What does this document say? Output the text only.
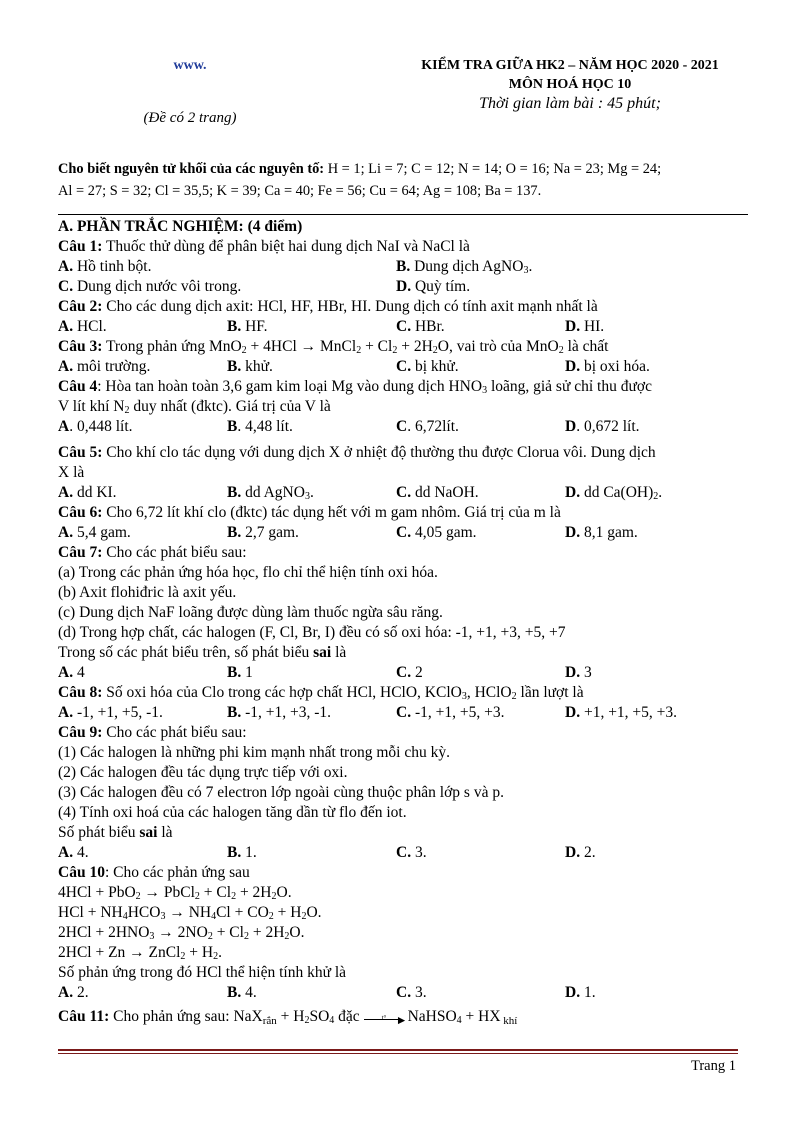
www.
(Đề có 2 trang)
KIỂM TRA GIỮA HK2 – NĂM HỌC 2020 - 2021
MÔN HOÁ HỌC 10
Thời gian làm bài : 45 phút;
Cho biết nguyên tử khối của các nguyên tố: H = 1; Li = 7; C = 12; N = 14; O = 16; Na = 23; Mg = 24;
Al = 27; S = 32; Cl = 35,5; K = 39; Ca = 40; Fe = 56; Cu = 64; Ag = 108; Ba = 137.
A. PHẦN TRẮC NGHIỆM: (4 điểm)
Câu 1: Thuốc thử dùng để phân biệt hai dung dịch NaI và NaCl là
A. Hồ tinh bột.	B. Dung dịch AgNO$_3$.
C. Dung dịch nước vôi trong.	D. Quỳ tím.
Câu 2: Cho các dung dịch axit: HCl, HF, HBr, HI. Dung dịch có tính axit mạnh nhất là
A. HCl.	B. HF.	C. HBr.	D. HI.
Câu 3: Trong phản ứng MnO$_2$ + 4HCl → MnCl$_2$ + $Cl_2 + 2H_2O$, vai trò của MnO$_2$ là chất
A. môi trường.	B. khử.	C. bị khử.	D. bị oxi hóa.
Câu 4: Hòa tan hoàn toàn 3,6 gam kim loại Mg vào dung dịch $HNO_3$ loãng, giả sử chỉ thu được
V lít khí $N_2$ duy nhất (đktc). Giá trị của V là
A. 0,448 lít.	B. 4,48 lít.	C. 6,72lít.	D. 0,672 lít.
Câu 5: Cho khí clo tác dụng với dung dịch X ở nhiệt độ thường thu được Clorua vôi. Dung dịch
X là
A. dd KI.	B. dd AgNO$_3$.	C. dd NaOH.	D. dd $Ca(OH)_2$.
Câu 6: Cho 6,72 lít khí clo (đktc) tác dụng hết với m gam nhôm. Giá trị của m là
A. 5,4 gam.	B. 2,7 gam.	C. 4,05 gam.	D. 8,1 gam.
Câu 7: Cho các phát biểu sau:
(a) Trong các phản ứng hóa học, flo chỉ thể hiện tính oxi hóa.
(b) Axit flohiđric là axit yếu.
(c) Dung dịch NaF loãng được dùng làm thuốc ngừa sâu răng.
(d) Trong hợp chất, các halogen (F, Cl, Br, I) đều có số oxi hóa: -1, +1, +3, +5, +7
Trong số các phát biểu trên, số phát biểu sai là
A. 4	B. 1	C. 2	D. 3
Câu 8: Số oxi hóa của Clo trong các hợp chất HCl, HClO, KClO$_3$, HClO$_2$ lần lượt là
A. -1, +1, +5, -1.	B. -1, +1, +3, -1.	C. -1, +1, +5, +3.	D. +1, +1, +5, +3.
Câu 9: Cho các phát biểu sau:
(1) Các halogen là những phi kim mạnh nhất trong mỗi chu kỳ.
(2) Các halogen đều tác dụng trực tiếp với oxi.
(3) Các halogen đều có 7 electron lớp ngoài cùng thuộc phân lớp s và p.
(4) Tính oxi hoá của các halogen tăng dần từ flo đến iot.
Số phát biểu sai là
A. 4.	B. 1.	C. 3.	D. 2.
Câu 10: Cho các phản ứng sau
4HCl + PbO$_2$ → PbCl$_2$ + $Cl_2 + 2H_2O$.
HCl + $NH_4HCO_3 \to NH_4Cl + CO_2 + H_2O$.
$2HCl + 2HNO_3 \to 2NO_2 + Cl_2 + 2H_2O$.
2HCl + Zn → ZnCl$_2$ + $H_2$.
Số phản ứng trong đó HCl thể hiện tính khử là
A. 2.	B. 4.	C. 3.	D. 1.
Câu 11: Cho phản ứng sau: $NaX_{rắn} + H_2SO_4$ đặc	t° ► NaHSO$_4$ + HX $_{khí}$
Trang 1
